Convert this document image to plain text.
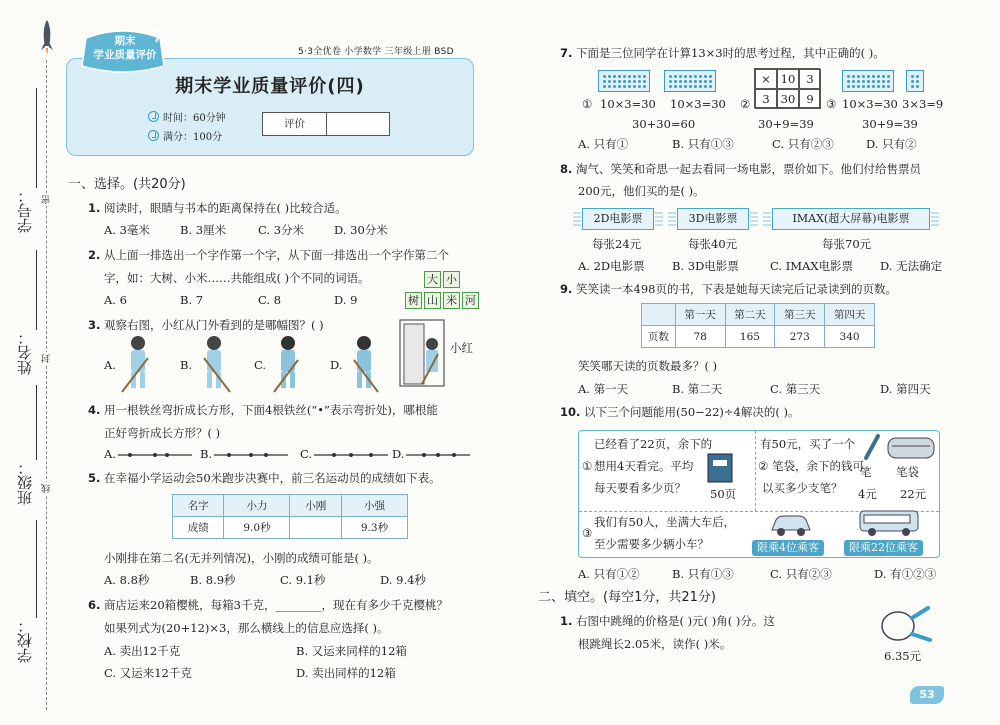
学号：
姓名：
班级：
学校：
密
封
线
5·3全优卷 小学数学 三年级上册 BSD
期末
学业质量评价
期末学业质量评价(四)
时间：60分钟
满分：100分
评价
一、选择。(共20分)
1. 阅读时，眼睛与书本的距离保持在( )比较合适。
A. 3毫米	B. 3厘米	C. 3分米	D. 30分米
2. 从上面一排选出一个字作第一个字，从下面一排选出一个字作第二个
字，如：大树、小米……共能组成( )个不同的词语。
A. 6	B. 7	C. 8	D. 9
大 小
树 山 米 河
3. 观察右图，小红从门外看到的是哪幅图？( )
A.	B.	C.	D.
小红
4. 用一根铁丝弯折成长方形，下面4根铁丝(“•”表示弯折处)，哪根能
正好弯折成长方形？( )
A.	B.	C.	D.
5. 在幸福小学运动会50米跑步决赛中，前三名运动员的成绩如下表。
名字	小力	小刚	小强
成绩	9.0秒		9.3秒
小刚排在第二名(无并列情况)，小刚的成绩可能是( )。
A. 8.8秒	B. 8.9秒	C. 9.1秒	D. 9.4秒
6. 商店运来20箱樱桃，每箱3千克，________，现在有多少千克樱桃？
如果列式为(20+12)×3，那么横线上的信息应选择( )。
A. 卖出12千克	B. 又运来同样的12箱
C. 又运来12千克	D. 卖出同样的12箱
7. 下面是三位同学在计算13×3时的思考过程，其中正确的( )。
① 10×3=30 10×3=30
30+30=60
②
× 10 3
3 30 9
30+9=39
③ 10×3=30 3×3=9
30+9=39
A. 只有①	B. 只有①③	C. 只有②③	D. 只有②
8. 淘气、笑笑和奇思一起去看同一场电影，票价如下。他们付给售票员
200元，他们买的是( )。
2D电影票	3D电影票	IMAX(超大屏幕)电影票
每张24元	每张40元	每张70元
A. 2D电影票	B. 3D电影票	C. IMAX电影票	D. 无法确定
9. 笑笑读一本498页的书，下表是她每天读完后记录读到的页数。
	第一天	第二天	第三天	第四天
页数	78	165	273	340
笑笑哪天读的页数最多？( )
A. 第一天	B. 第二天	C. 第三天	D. 第四天
10. 以下三个问题能用(50−22)÷4解决的( )。
已经看了22页，余下的
① 想用4天看完。平均
每天要看多少页？ 50页
有50元，买了一个
② 笔袋，余下的钱可
以买多少支笔？
笔 笔袋
4元 22元
我们有50人，坐满大车后，
③
至少需要多少辆小车？	限乘4位乘客	限乘22位乘客
A. 只有①②	B. 只有①③	C. 只有②③	D. 有①②③
二、填空。(每空1分，共21分)
1. 右图中跳绳的价格是( )元( )角( )分。这
根跳绳长2.05米，读作( )米。
6.35元
53
